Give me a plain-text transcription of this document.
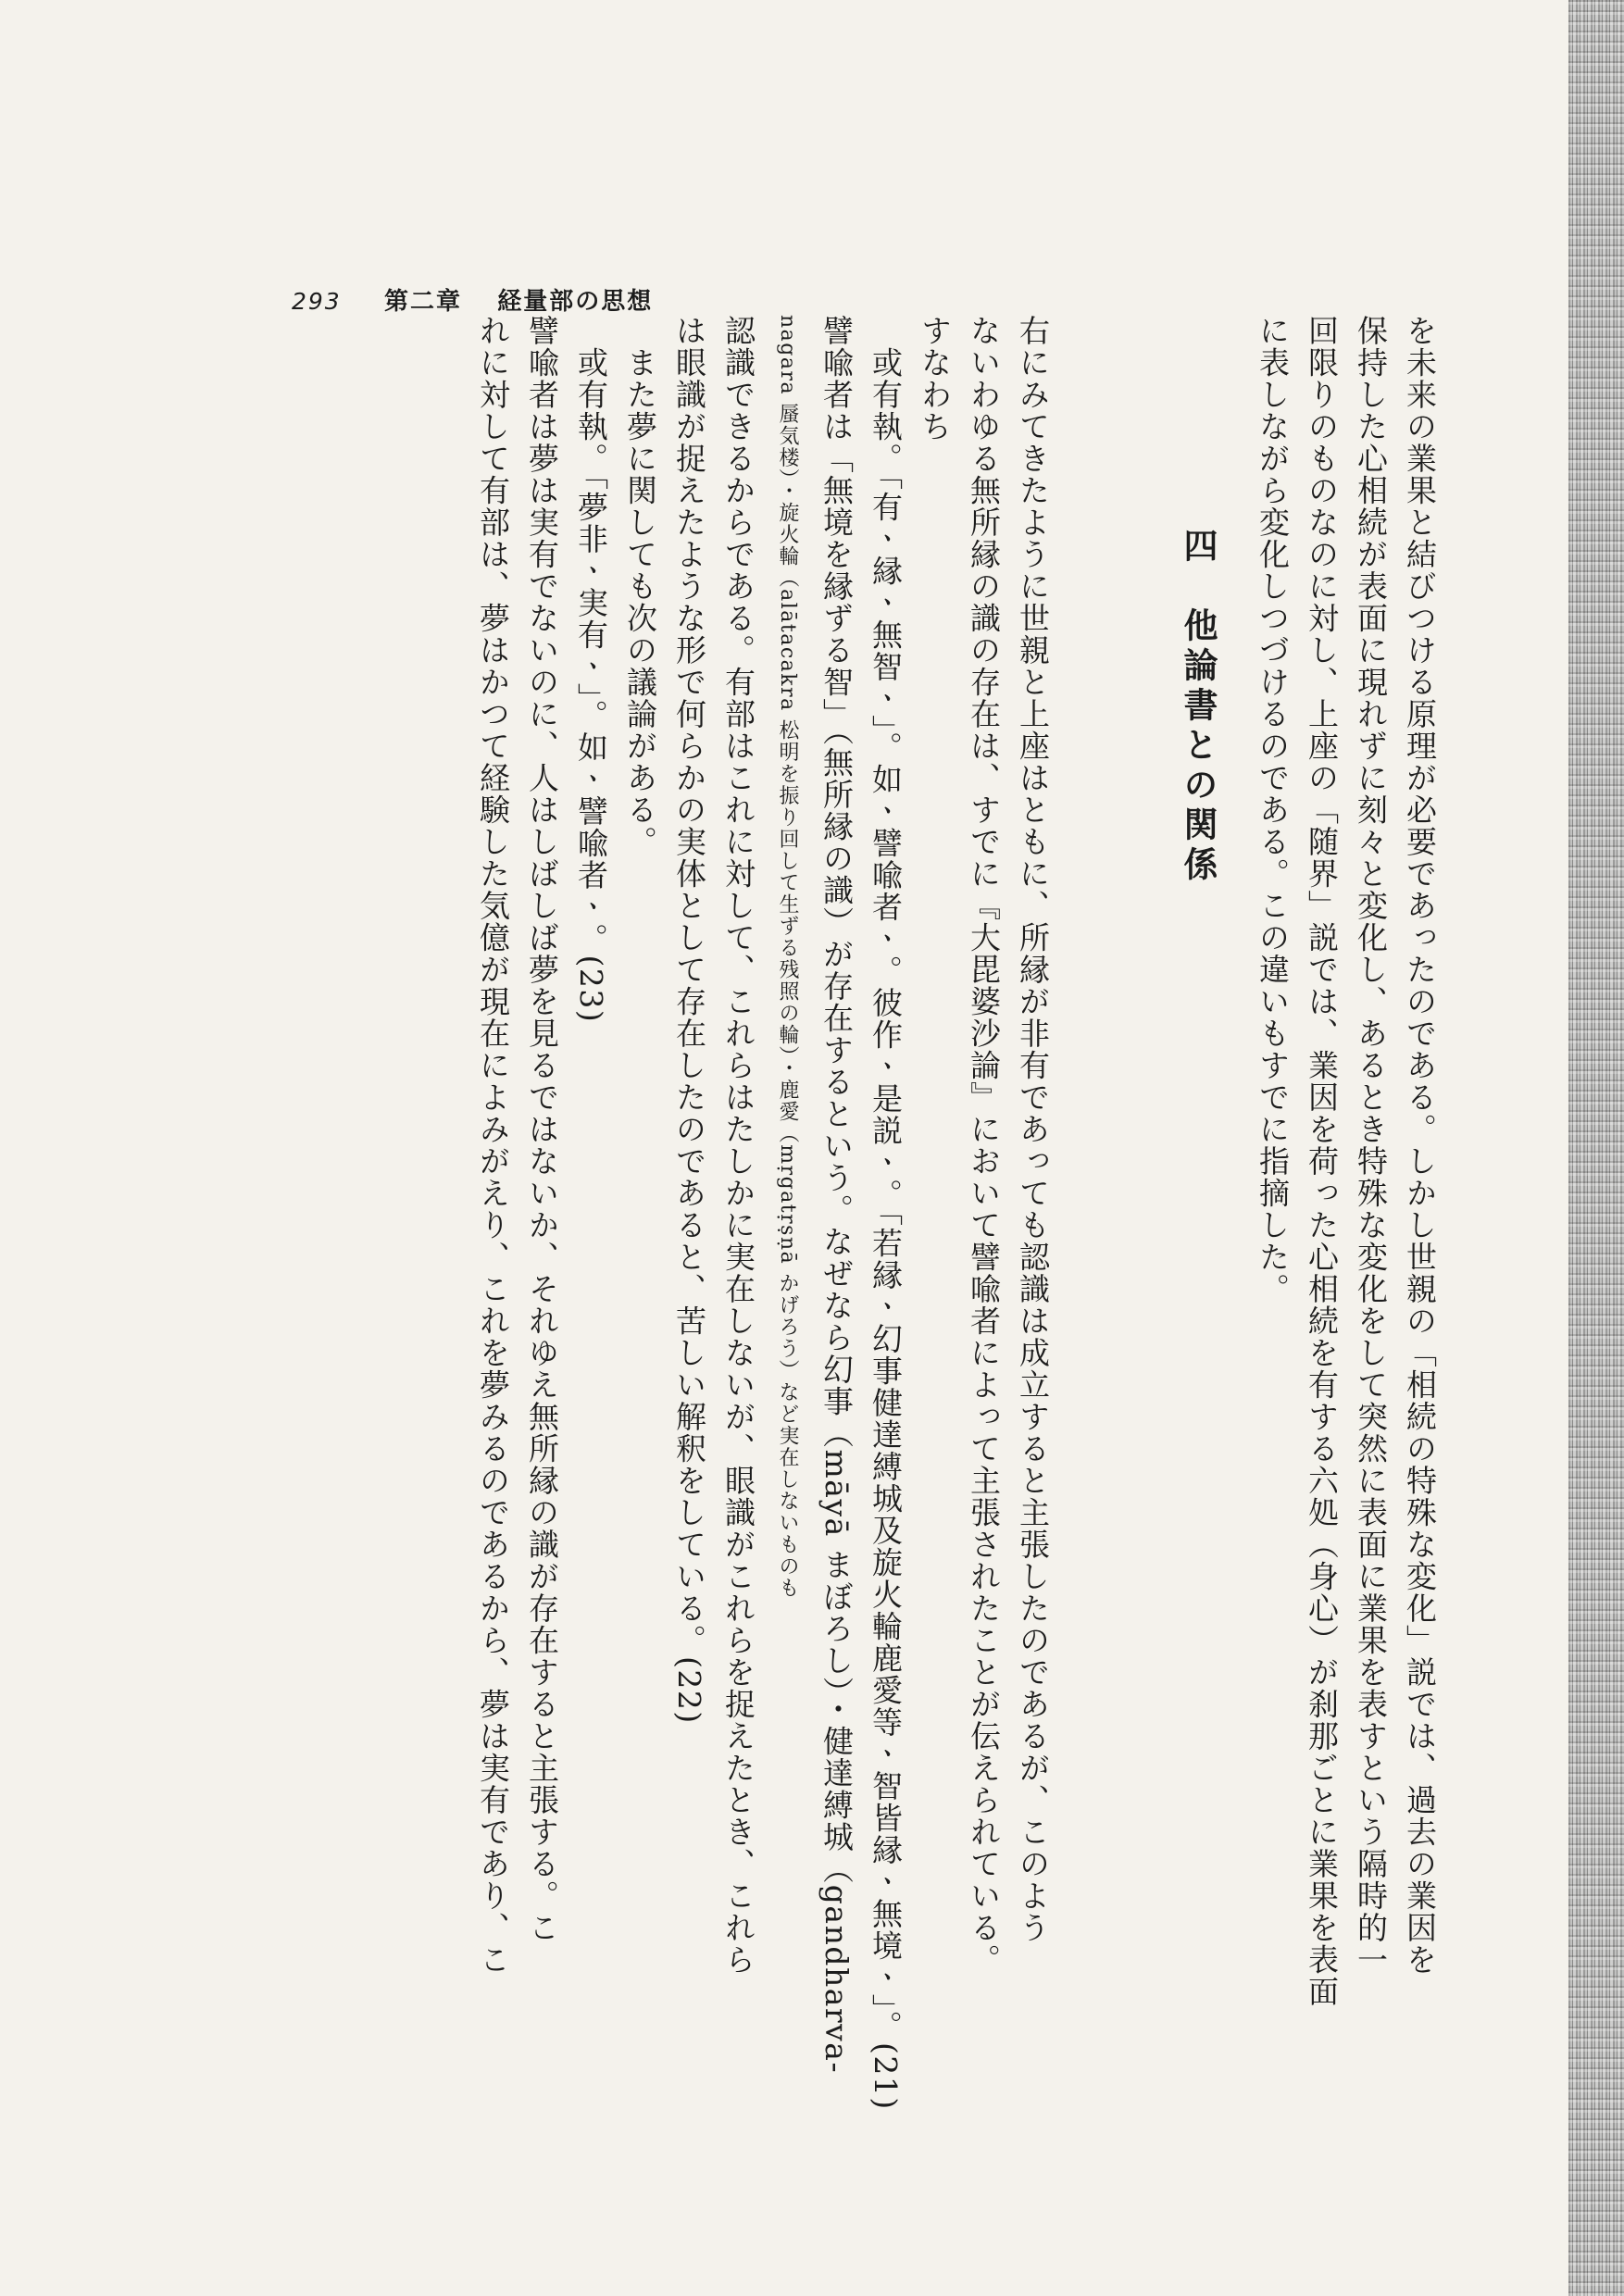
293 第二章 経量部の思想

を未来の業果と結びつける原理が必要であったのである。しかし世親の「相続の特殊な変化」説では、過去の業因を

保持した心相続が表面に現れずに刻々と変化し、あるとき特殊な変化をして突然に表面に業果を表すという隔時的一

回限りのものなのに対し、上座の「随界」説では、業因を荷った心相続を有する六処（身心）が刹那ごとに業果を表面

に表しながら変化しつづけるのである。この違いもすでに指摘した。

四　他論書との関係

右にみてきたように世親と上座はともに、所縁が非有であっても認識は成立すると主張したのであるが、このよう

ないわゆる無所縁の識の存在は、すでに『大毘婆沙論』において譬喩者によって主張されたことが伝えられている。

すなわち

　或有執。「有ㆍ縁ㆍ無智ㆍ」。如ㆍ譬喩者ㆍ。彼作ㆍ是説ㆍ。「若縁ㆍ幻事健達縛城及旋火輪鹿愛等ㆍ智皆縁ㆍ無境ㆍ」。(21)

譬喩者は「無境を縁ずる智」（無所縁の識）が存在するという。なぜなら幻事（māyā まぼろし）・健達縛城（gandharva-

nagara 蜃気楼）・旋火輪（alātacakra 松明を振り回して生ずる残照の輪）・鹿愛（mṛgatṛṣṇā かげろう）など実在しないものも

認識できるからである。有部はこれに対して、これらはたしかに実在しないが、眼識がこれらを捉えたとき、これら

は眼識が捉えたような形で何らかの実体として存在したのであると、苦しい解釈をしている。(22)

　また夢に関しても次の議論がある。

　或有執。「夢非ㆍ実有ㆍ」。如ㆍ譬喩者ㆍ。(23)

譬喩者は夢は実有でないのに、人はしばしば夢を見るではないか、それゆえ無所縁の識が存在すると主張する。こ

れに対して有部は、夢はかつて経験した気億が現在によみがえり、これを夢みるのであるから、夢は実有であり、こ
